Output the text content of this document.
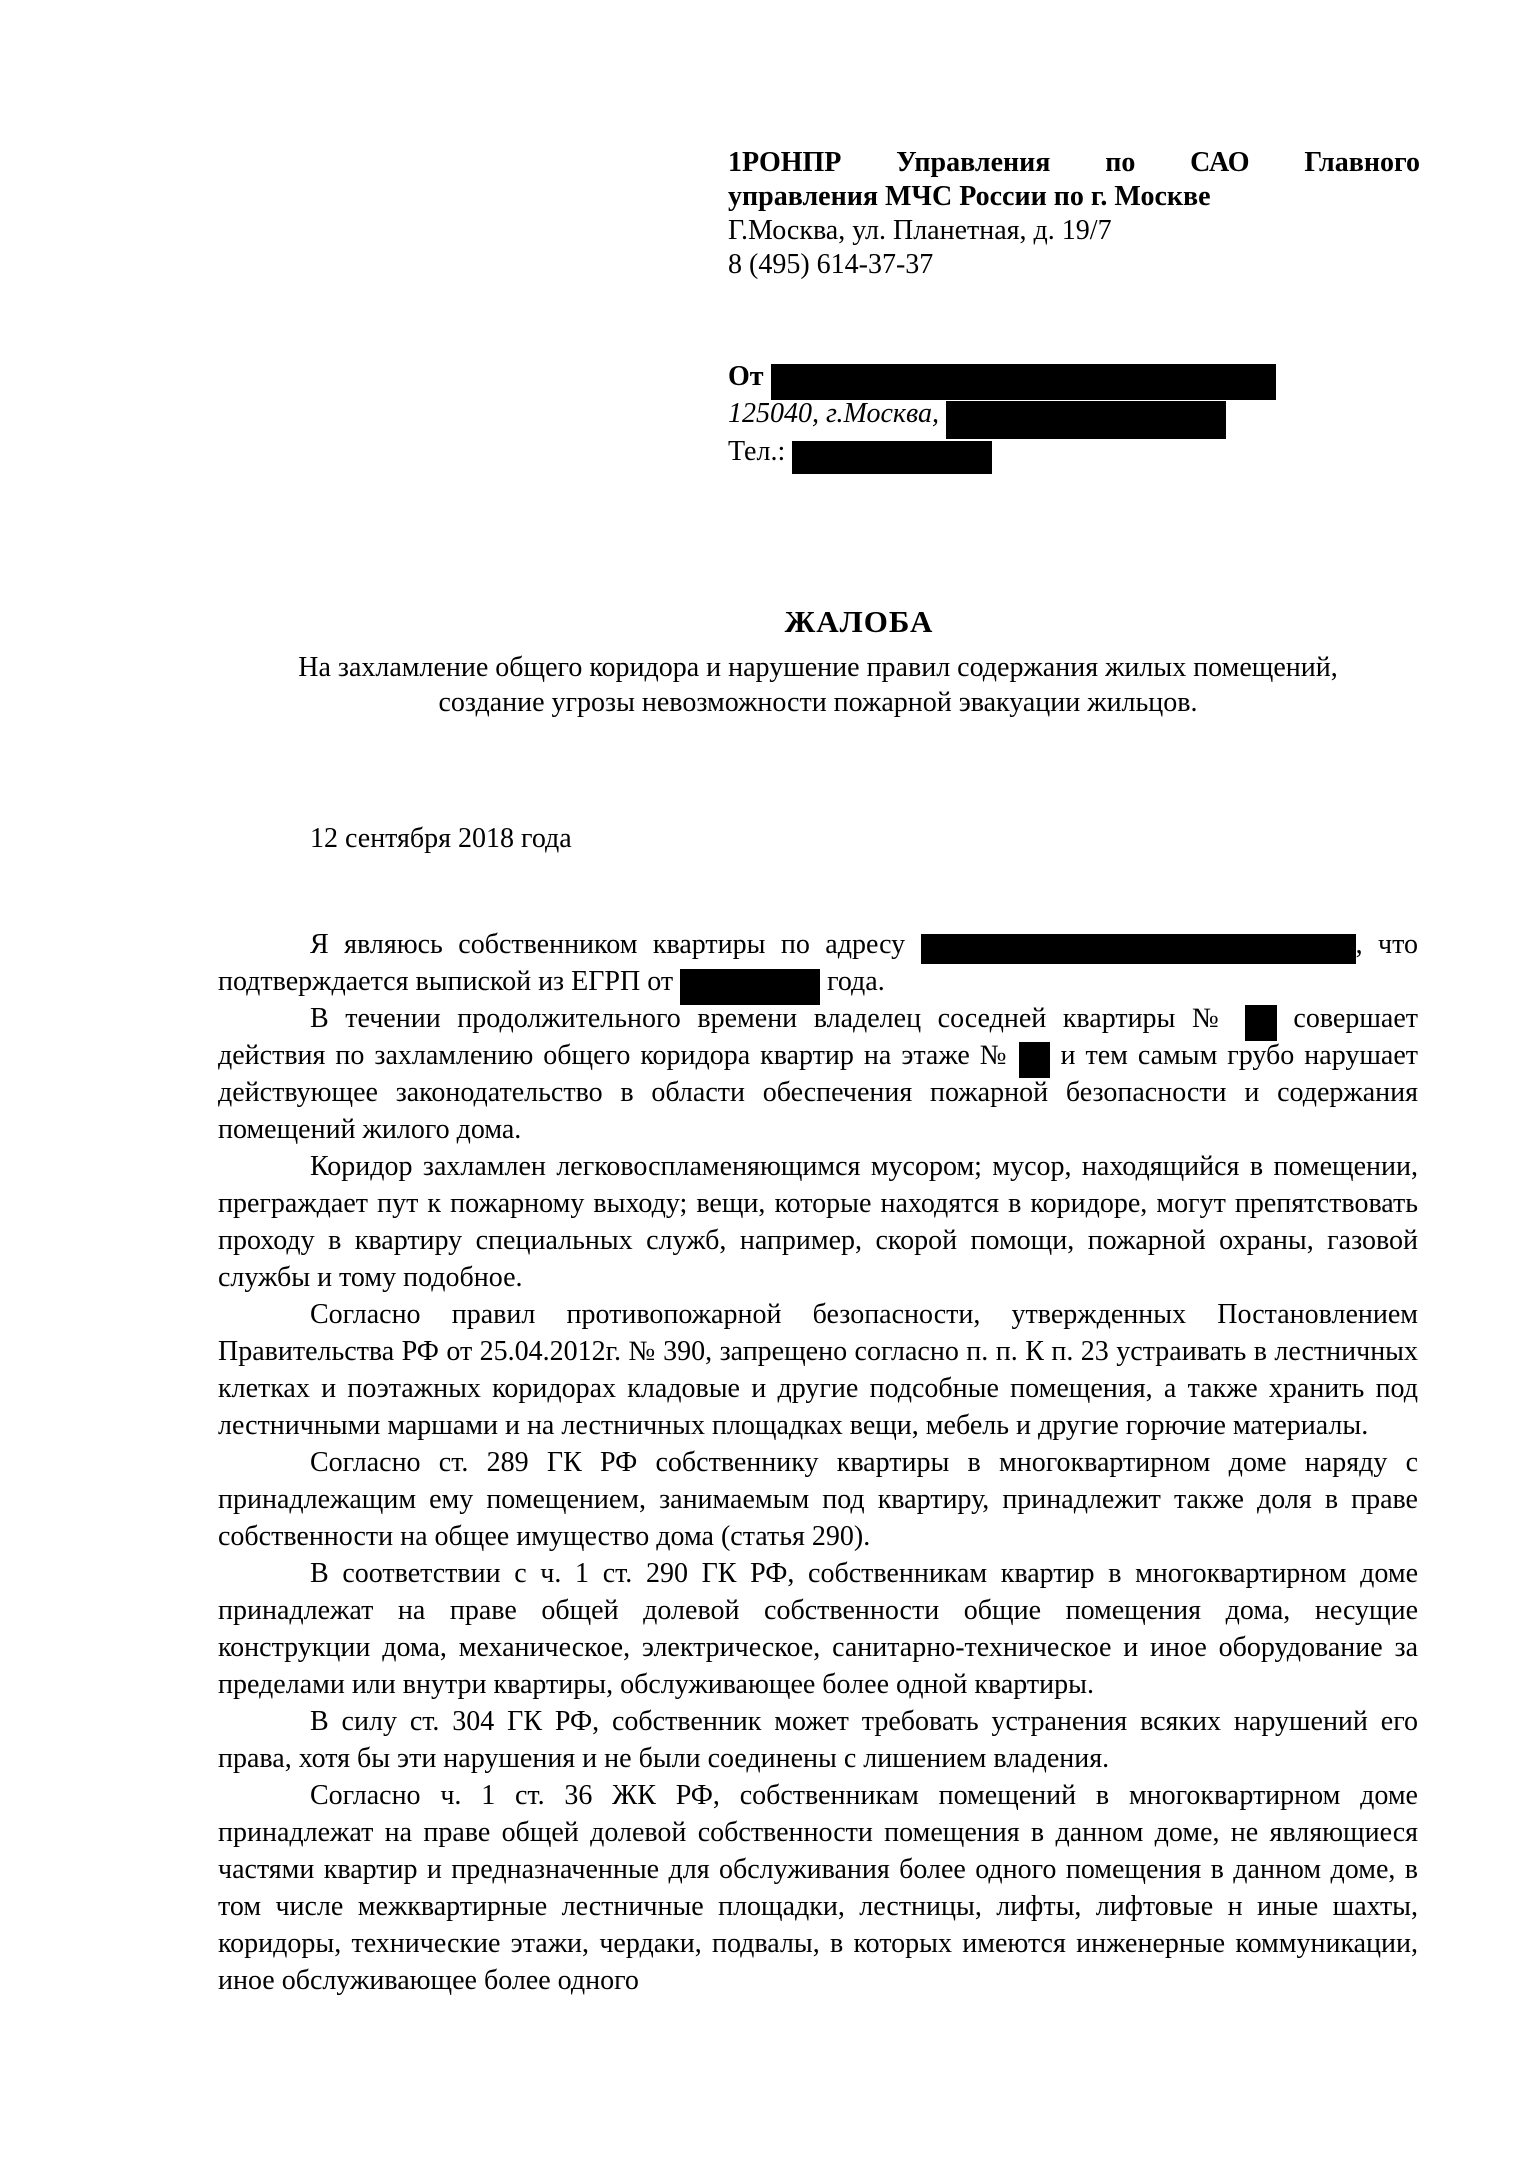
1РОНПР Управления по САО Главного
управления МЧС России по г. Москве
Г.Москва, ул. Планетная, д. 19/7
8 (495) 614-37-37
От
125040, г.Москва,
Тел.:
ЖАЛОБА
На захламление общего коридора и нарушение правил содержания жилых помещений,
создание угрозы невозможности пожарной эвакуации жильцов.
12 сентября 2018 года

Я являюсь собственником квартиры по адресу	, что подтверждается выпиской из ЕГРП от	года.

В течении продолжительного времени владелец соседней квартиры №  совершает действия по захламлению общего коридора квартир на этаже №  и тем самым грубо нарушает действующее законодательство в области обеспечения пожарной безопасности и содержания помещений жилого дома.

Коридор захламлен легковоспламеняющимся мусором; мусор, находящийся в помещении, преграждает пут к пожарному выходу; вещи, которые находятся в коридоре, могут препятствовать проходу в квартиру специальных служб, например, скорой помощи, пожарной охраны, газовой службы и тому подобное.

Согласно правил противопожарной безопасности, утвержденных Постановлением Правительства РФ от 25.04.2012г. № 390, запрещено согласно п. п. К п. 23 устраивать в лестничных клетках и поэтажных коридорах кладовые и другие подсобные помещения, а также хранить под лестничными маршами и на лестничных площадках вещи, мебель и другие горючие материалы.

Согласно ст. 289 ГК РФ собственнику квартиры в многоквартирном доме наряду с принадлежащим ему помещением, занимаемым под квартиру, принадлежит также доля в праве собственности на общее имущество дома (статья 290).

В соответствии с ч. 1 ст. 290 ГК РФ, собственникам квартир в многоквартирном доме принадлежат на праве общей долевой собственности общие помещения дома, несущие конструкции дома, механическое, электрическое, санитарно-техническое и иное оборудование за пределами или внутри квартиры, обслуживающее более одной квартиры.

В силу ст. 304 ГК РФ, собственник может требовать устранения всяких нарушений его права, хотя бы эти нарушения и не были соединены с лишением владения.

Согласно ч. 1 ст. 36 ЖК РФ, собственникам помещений в многоквартирном доме принадлежат на праве общей долевой собственности помещения в данном доме, не являющиеся частями квартир и предназначенные для обслуживания более одного помещения в данном доме, в том числе межквартирные лестничные площадки, лестницы, лифты, лифтовые н иные шахты, коридоры, технические этажи, чердаки, подвалы, в которых имеются инженерные коммуникации, иное обслуживающее более одного
